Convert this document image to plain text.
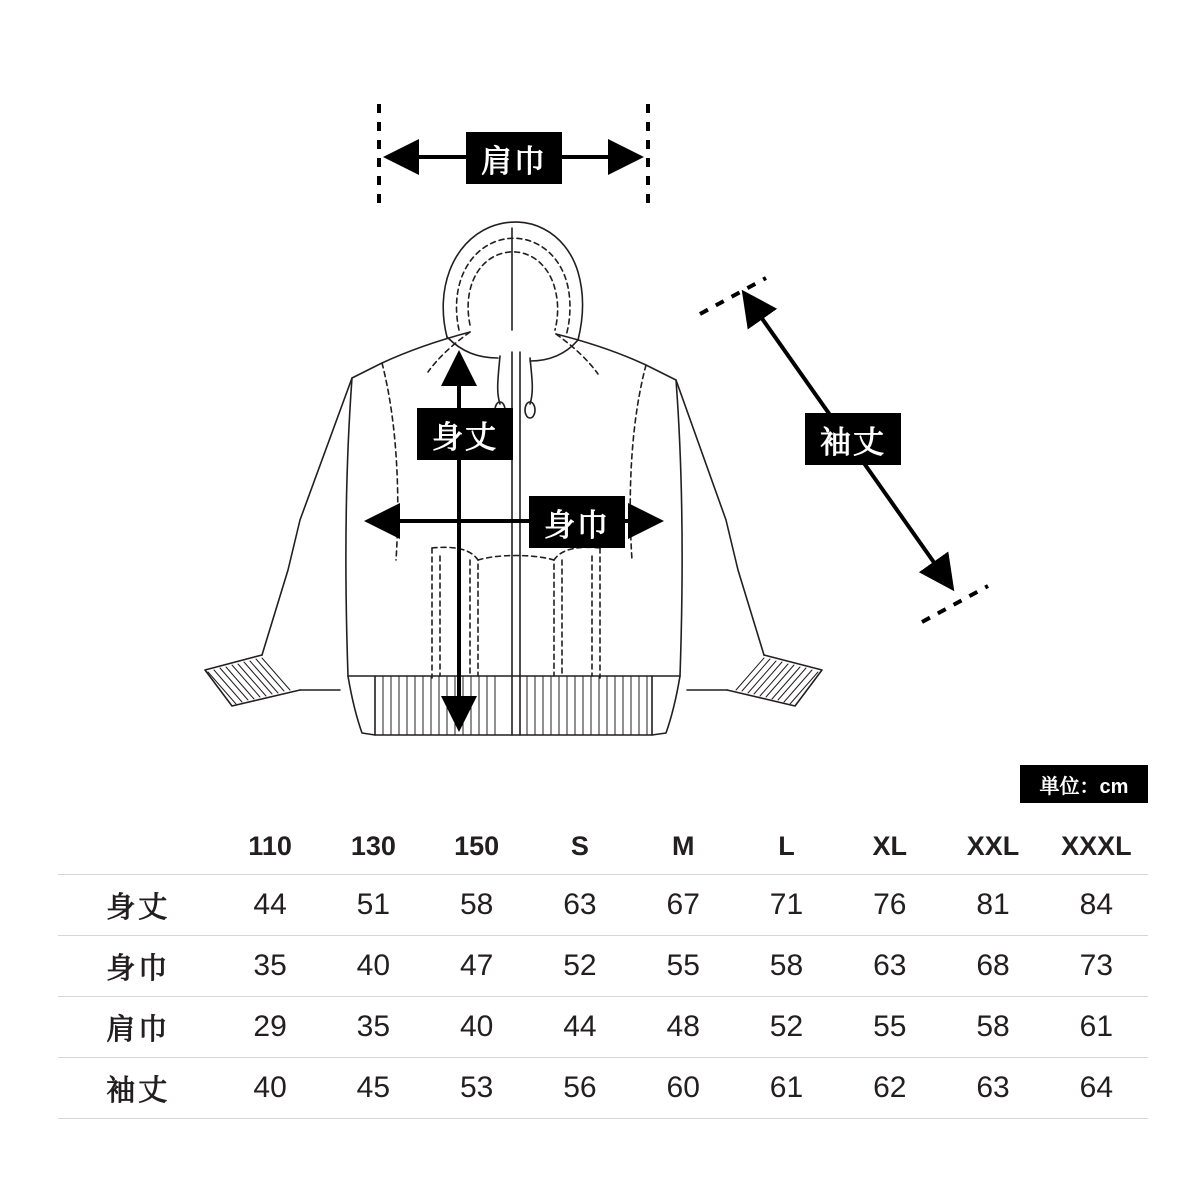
肩巾
身丈
身巾
袖丈
単位：cm
	110	130	150	S	M	L	XL	XXL	XXXL
身丈	44	51	58	63	67	71	76	81	84
身巾	35	40	47	52	55	58	63	68	73
肩巾	29	35	40	44	48	52	55	58	61
袖丈	40	45	53	56	60	61	62	63	64
